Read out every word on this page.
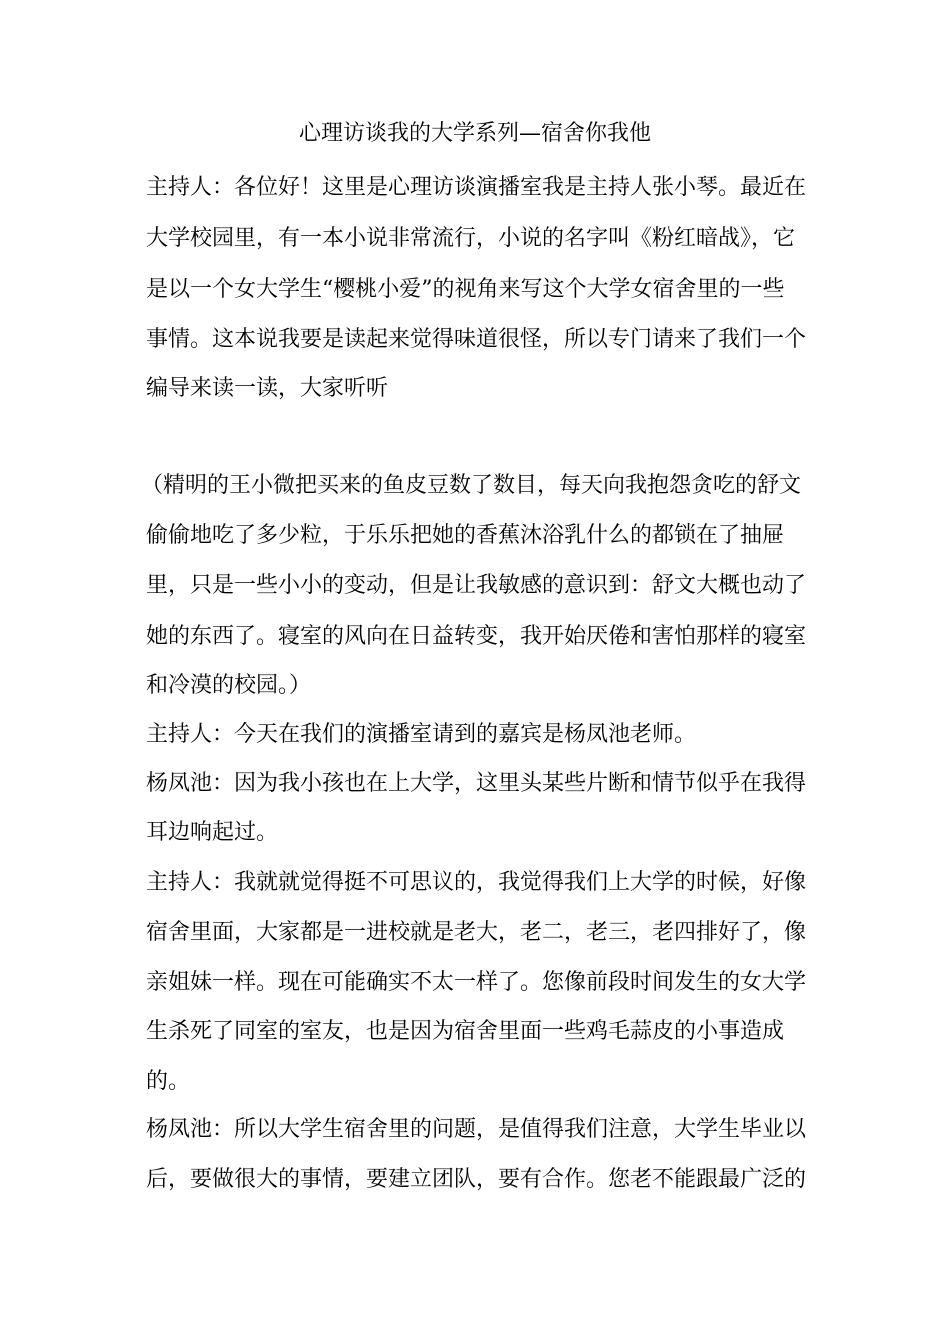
心理访谈我的大学系列—宿舍你我他
主持人：各位好！这里是心理访谈演播室我是主持人张小琴。最近在
大学校园里，有一本小说非常流行，小说的名字叫《粉红暗战》，它
是以一个女大学生“樱桃小爱”的视角来写这个大学女宿舍里的一些
事情。这本说我要是读起来觉得味道很怪，所以专门请来了我们一个
编导来读一读，大家听听
（精明的王小微把买来的鱼皮豆数了数目，每天向我抱怨贪吃的舒文
偷偷地吃了多少粒，于乐乐把她的香蕉沐浴乳什么的都锁在了抽屉
里，只是一些小小的变动，但是让我敏感的意识到：舒文大概也动了
她的东西了。寝室的风向在日益转变，我开始厌倦和害怕那样的寝室
和冷漠的校园。）
主持人：今天在我们的演播室请到的嘉宾是杨凤池老师。
杨凤池：因为我小孩也在上大学，这里头某些片断和情节似乎在我得
耳边响起过。
主持人：我就就觉得挺不可思议的，我觉得我们上大学的时候，好像
宿舍里面，大家都是一进校就是老大，老二，老三，老四排好了，像
亲姐妹一样。现在可能确实不太一样了。您像前段时间发生的女大学
生杀死了同室的室友，也是因为宿舍里面一些鸡毛蒜皮的小事造成
的。
杨凤池：所以大学生宿舍里的问题，是值得我们注意，大学生毕业以
后，要做很大的事情，要建立团队，要有合作。您老不能跟最广泛的
